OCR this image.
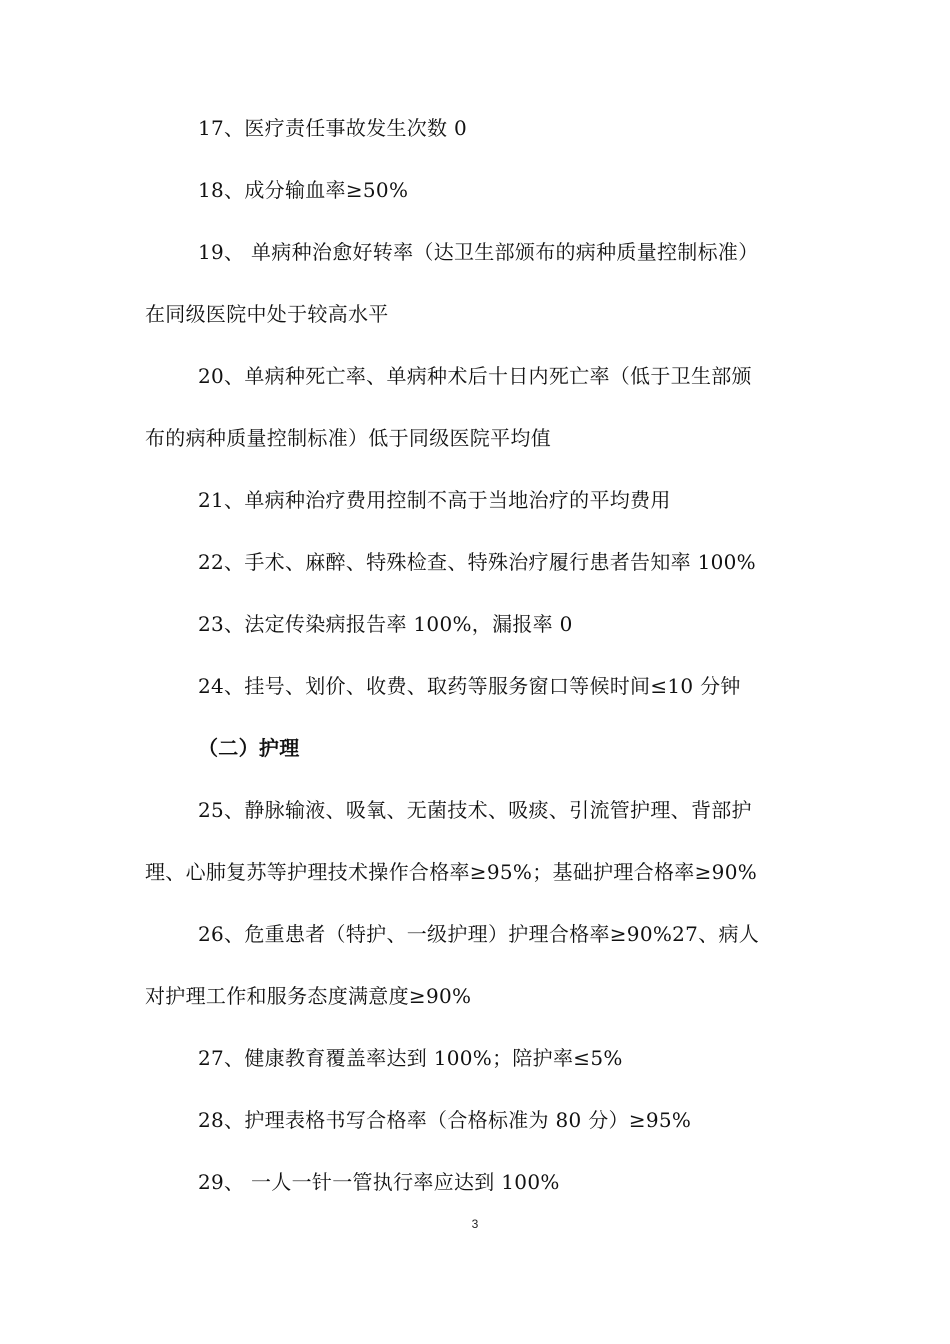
17、医疗责任事故发生次数 0
18、成分输血率≥50%
19、 单病种治愈好转率（达卫生部颁布的病种质量控制标准）
在同级医院中处于较高水平
20、单病种死亡率、单病种术后十日内死亡率（低于卫生部颁
布的病种质量控制标准）低于同级医院平均值
21、单病种治疗费用控制不高于当地治疗的平均费用
22、手术、麻醉、特殊检查、特殊治疗履行患者告知率 100%
23、法定传染病报告率 100%，漏报率 0
24、挂号、划价、收费、取药等服务窗口等候时间≤10 分钟
（二）护理
25、静脉输液、吸氧、无菌技术、吸痰、引流管护理、背部护
理、心肺复苏等护理技术操作合格率≥95%；基础护理合格率≥90%
26、危重患者（特护、一级护理）护理合格率≥90%27、病人
对护理工作和服务态度满意度≥90%
27、健康教育覆盖率达到 100%；陪护率≤5%
28、护理表格书写合格率（合格标准为 80 分）≥95%
29、 一人一针一管执行率应达到 100%
3
